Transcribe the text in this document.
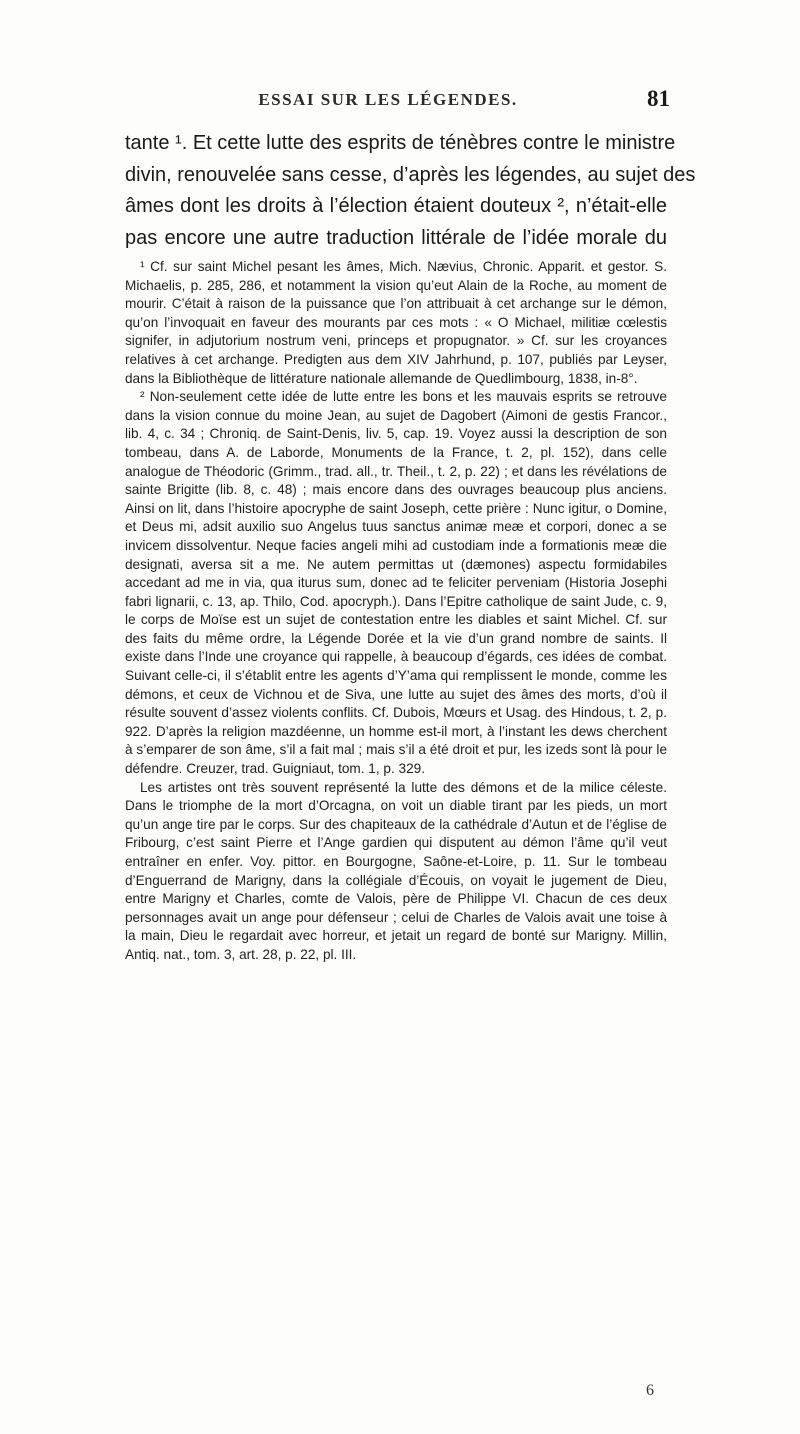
ESSAI SUR LES LÉGENDES.	81
tante ¹. Et cette lutte des esprits de ténèbres contre le ministre
divin, renouvelée sans cesse, d’après les légendes, au sujet des
âmes dont les droits à l’élection étaient douteux ², n’était-elle
pas encore une autre traduction littérale de l’idée morale du

¹ Cf. sur saint Michel pesant les âmes, Mich. Nævius, Chronic. Apparit. et gestor. S. Michaelis, p. 285, 286, et notamment la vision qu’eut Alain de la Roche, au moment de mourir. C’était à raison de la puissance que l’on attribuait à cet archange sur le démon, qu’on l’invoquait en faveur des mourants par ces mots : « O Michael, militiæ cœlestis signifer, in adjutorium nostrum veni, princeps et propugnator. » Cf. sur les croyances relatives à cet archange. Predigten aus dem XIV Jahrhund, p. 107, publiés par Leyser, dans la Bibliothèque de littérature nationale allemande de Quedlimbourg, 1838, in-8°.

² Non-seulement cette idée de lutte entre les bons et les mauvais esprits se retrouve dans la vision connue du moine Jean, au sujet de Dagobert (Aimoni de gestis Francor., lib. 4, c. 34 ; Chroniq. de Saint-Denis, liv. 5, cap. 19. Voyez aussi la description de son tombeau, dans A. de Laborde, Monuments de la France, t. 2, pl. 152), dans celle analogue de Théodoric (Grimm., trad. all., tr. Theil., t. 2, p. 22) ; et dans les révélations de sainte Brigitte (lib. 8, c. 48) ; mais encore dans des ouvrages beaucoup plus anciens. Ainsi on lit, dans l’histoire apocryphe de saint Joseph, cette prière : Nunc igitur, o Domine, et Deus mi, adsit auxilio suo Angelus tuus sanctus animæ meæ et corpori, donec a se invicem dissolventur. Neque facies angeli mihi ad custodiam inde a formationis meæ die designati, aversa sit a me. Ne autem permittas ut (dæmones) aspectu formidabiles accedant ad me in via, qua iturus sum, donec ad te feliciter perveniam (Historia Josephi fabri lignarii, c. 13, ap. Thilo, Cod. apocryph.). Dans l’Epitre catholique de saint Jude, c. 9, le corps de Moïse est un sujet de contestation entre les diables et saint Michel. Cf. sur des faits du même ordre, la Légende Dorée et la vie d’un grand nombre de saints. Il existe dans l’Inde une croyance qui rappelle, à beaucoup d’égards, ces idées de combat. Suivant celle-ci, il s’établit entre les agents d’Y’ama qui remplissent le monde, comme les démons, et ceux de Vichnou et de Siva, une lutte au sujet des âmes des morts, d’où il résulte souvent d’assez violents conflits. Cf. Dubois, Mœurs et Usag. des Hindous, t. 2, p. 922. D’après la religion mazdéenne, un homme est-il mort, à l’instant les dews cherchent à s’emparer de son âme, s’il a fait mal ; mais s’il a été droit et pur, les izeds sont là pour le défendre. Creuzer, trad. Guigniaut, tom. 1, p. 329.

Les artistes ont très souvent représenté la lutte des démons et de la milice céleste. Dans le triomphe de la mort d’Orcagna, on voit un diable tirant par les pieds, un mort qu’un ange tire par le corps. Sur des chapiteaux de la cathédrale d’Autun et de l’église de Fribourg, c’est saint Pierre et l’Ange gardien qui disputent au démon l’âme qu’il veut entraîner en enfer. Voy. pittor. en Bourgogne, Saône-et-Loire, p. 11. Sur le tombeau d’Enguerrand de Marigny, dans la collégiale d’Écouis, on voyait le jugement de Dieu, entre Marigny et Charles, comte de Valois, père de Philippe VI. Chacun de ces deux personnages avait un ange pour défenseur ; celui de Charles de Valois avait une toise à la main, Dieu le regardait avec horreur, et jetait un regard de bonté sur Marigny. Millin, Antiq. nat., tom. 3, art. 28, p. 22, pl. III.

6
